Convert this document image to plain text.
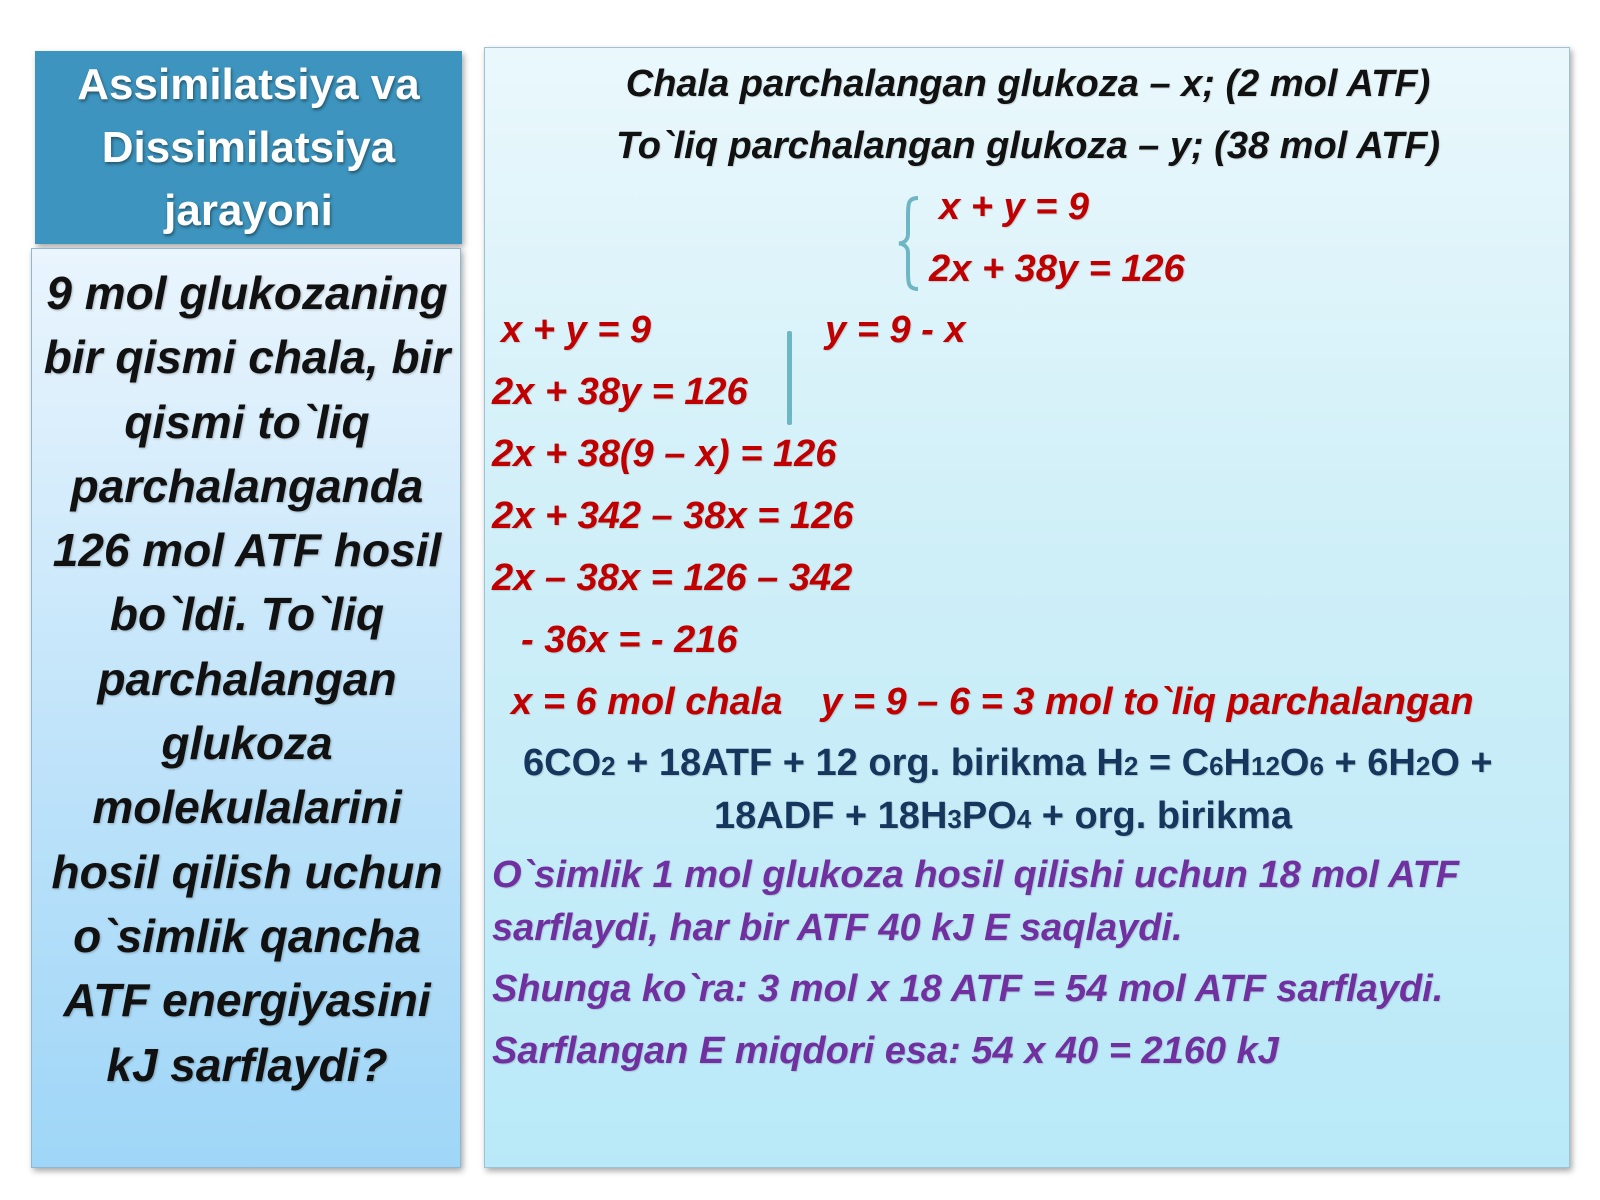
Assimilatsiya va Dissimilatsiya jarayoni
9 mol glukozaning bir qismi chala, bir qismi to`liq parchalanganda 126 mol ATF hosil bo`ldi. To`liq parchalangan glukoza molekulalarini hosil qilish uchun o`simlik qancha ATF energiyasini kJ sarflaydi?
Chala parchalangan glukoza – x; (2 mol ATF)
To`liq parchalangan glukoza – y; (38 mol ATF)
x + y = 9
2x + 38y = 126
x + y = 9	y = 9 - x
2x + 38y = 126
2x + 38(9 – x) = 126
2x + 342 – 38x = 126
2x – 38x = 126 – 342
- 36x = - 216
x = 6 mol chala y = 9 – 6 = 3 mol to`liq parchalangan
6CO2 + 18ATF + 12 org. birikma H2 = C6H12O6 + 6H2O +
18ADF + 18H3PO4 + org. birikma
O`simlik 1 mol glukoza hosil qilishi uchun 18 mol ATF
sarflaydi, har bir ATF 40 kJ E saqlaydi.
Shunga ko`ra: 3 mol x 18 ATF = 54 mol ATF sarflaydi.
Sarflangan E miqdori esa: 54 x 40 = 2160 kJ
